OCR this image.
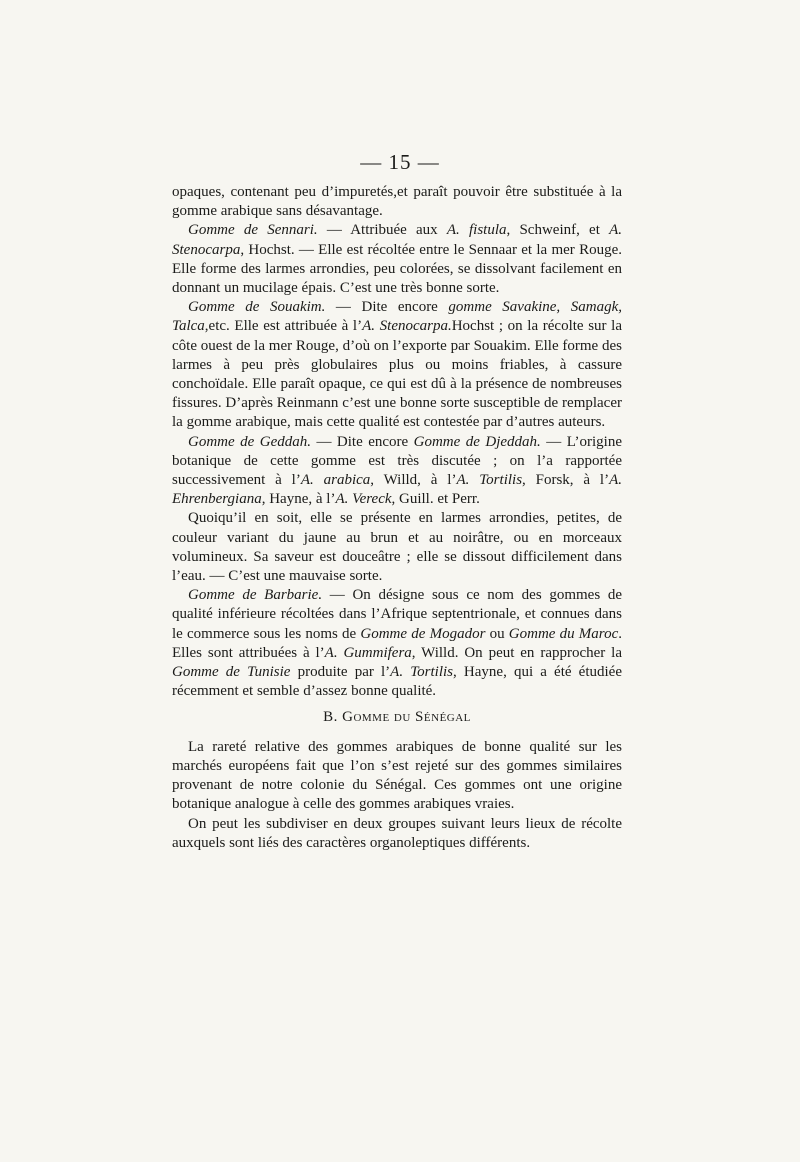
— 15 —

opaques, contenant peu d’impuretés,et paraît pouvoir être substituée à la gomme arabique sans désavantage.

Gomme de Sennari. — Attribuée aux A. fistula, Schweinf, et A. Stenocarpa, Hochst. — Elle est récoltée entre le Sennaar et la mer Rouge. Elle forme des larmes arrondies, peu colorées, se dissolvant facilement en donnant un mucilage épais. C’est une très bonne sorte.

Gomme de Souakim. — Dite encore gomme Savakine, Samagk, Talca,etc. Elle est attribuée à l’A. Stenocarpa.Hochst ; on la récolte sur la côte ouest de la mer Rouge, d’où on l’exporte par Souakim. Elle forme des larmes à peu près globulaires plus ou moins friables, à cassure conchoïdale. Elle paraît opaque, ce qui est dû à la présence de nombreuses fissures. D’après Reinmann c’est une bonne sorte susceptible de remplacer la gomme arabique, mais cette qualité est contestée par d’autres auteurs.

Gomme de Geddah. — Dite encore Gomme de Djeddah. — L’origine botanique de cette gomme est très discutée ; on l’a rapportée successivement à l’A. arabica, Willd, à l’A. Tortilis, Forsk, à l’A. Ehrenbergiana, Hayne, à l’A. Vereck, Guill. et Perr.

Quoiqu’il en soit, elle se présente en larmes arrondies, petites, de couleur variant du jaune au brun et au noirâtre, ou en morceaux volumineux. Sa saveur est douceâtre ; elle se dissout difficilement dans l’eau. — C’est une mauvaise sorte.

Gomme de Barbarie. — On désigne sous ce nom des gommes de qualité inférieure récoltées dans l’Afrique septentrionale, et connues dans le commerce sous les noms de Gomme de Mogador ou Gomme du Maroc. Elles sont attribuées à l’A. Gummifera, Willd. On peut en rapprocher la Gomme de Tunisie produite par l’A. Tortilis, Hayne, qui a été étudiée récemment et semble d’assez bonne qualité.

B. Gomme du Sénégal

La rareté relative des gommes arabiques de bonne qualité sur les marchés européens fait que l’on s’est rejeté sur des gommes similaires provenant de notre colonie du Sénégal. Ces gommes ont une origine botanique analogue à celle des gommes arabiques vraies.

On peut les subdiviser en deux groupes suivant leurs lieux de récolte auxquels sont liés des caractères organoleptiques différents.
